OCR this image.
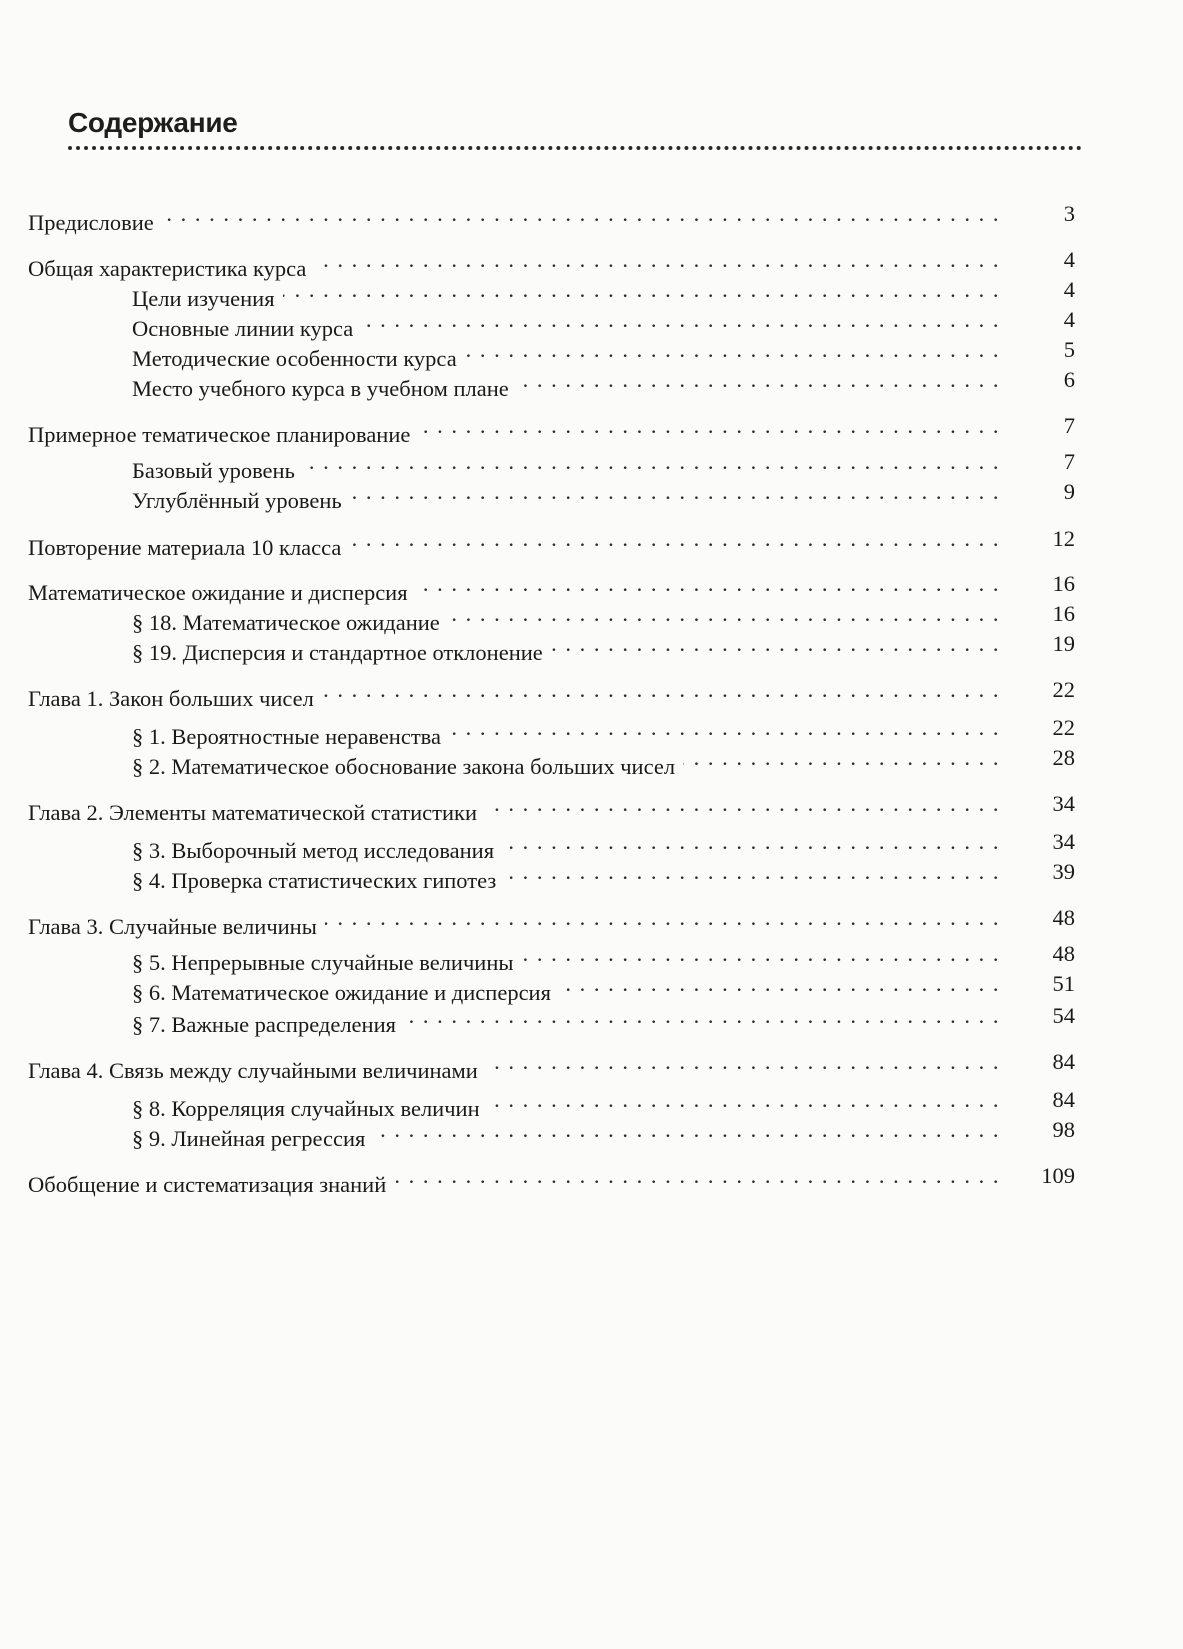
Содержание
Предисловие . . .	3
Общая характеристика курса . . .	4
Цели изучения . . .	4
Основные линии курса . . .	4
Методические особенности курса . . .	5
Место учебного курса в учебном плане . . .	6
Примерное тематическое планирование . . .	7
Базовый уровень . . .	7
Углублённый уровень . . .	9
Повторение материала 10 класса . . .	12
Математическое ожидание и дисперсия . . .	16
§ 18. Математическое ожидание . . .	16
§ 19. Дисперсия и стандартное отклонение . . .	19
Глава 1. Закон больших чисел . . .	22
§ 1. Вероятностные неравенства . . .	22
§ 2. Математическое обоснование закона больших чисел . . .	28
Глава 2. Элементы математической статистики . . .	34
§ 3. Выборочный метод исследования . . .	34
§ 4. Проверка статистических гипотез . . .	39
Глава 3. Случайные величины . . .	48
§ 5. Непрерывные случайные величины . . .	48
§ 6. Математическое ожидание и дисперсия . . .	51
§ 7. Важные распределения . . .	54
Глава 4. Связь между случайными величинами . . .	84
§ 8. Корреляция случайных величин . . .	84
§ 9. Линейная регрессия . . .	98
Обобщение и систематизация знаний . . .	109
